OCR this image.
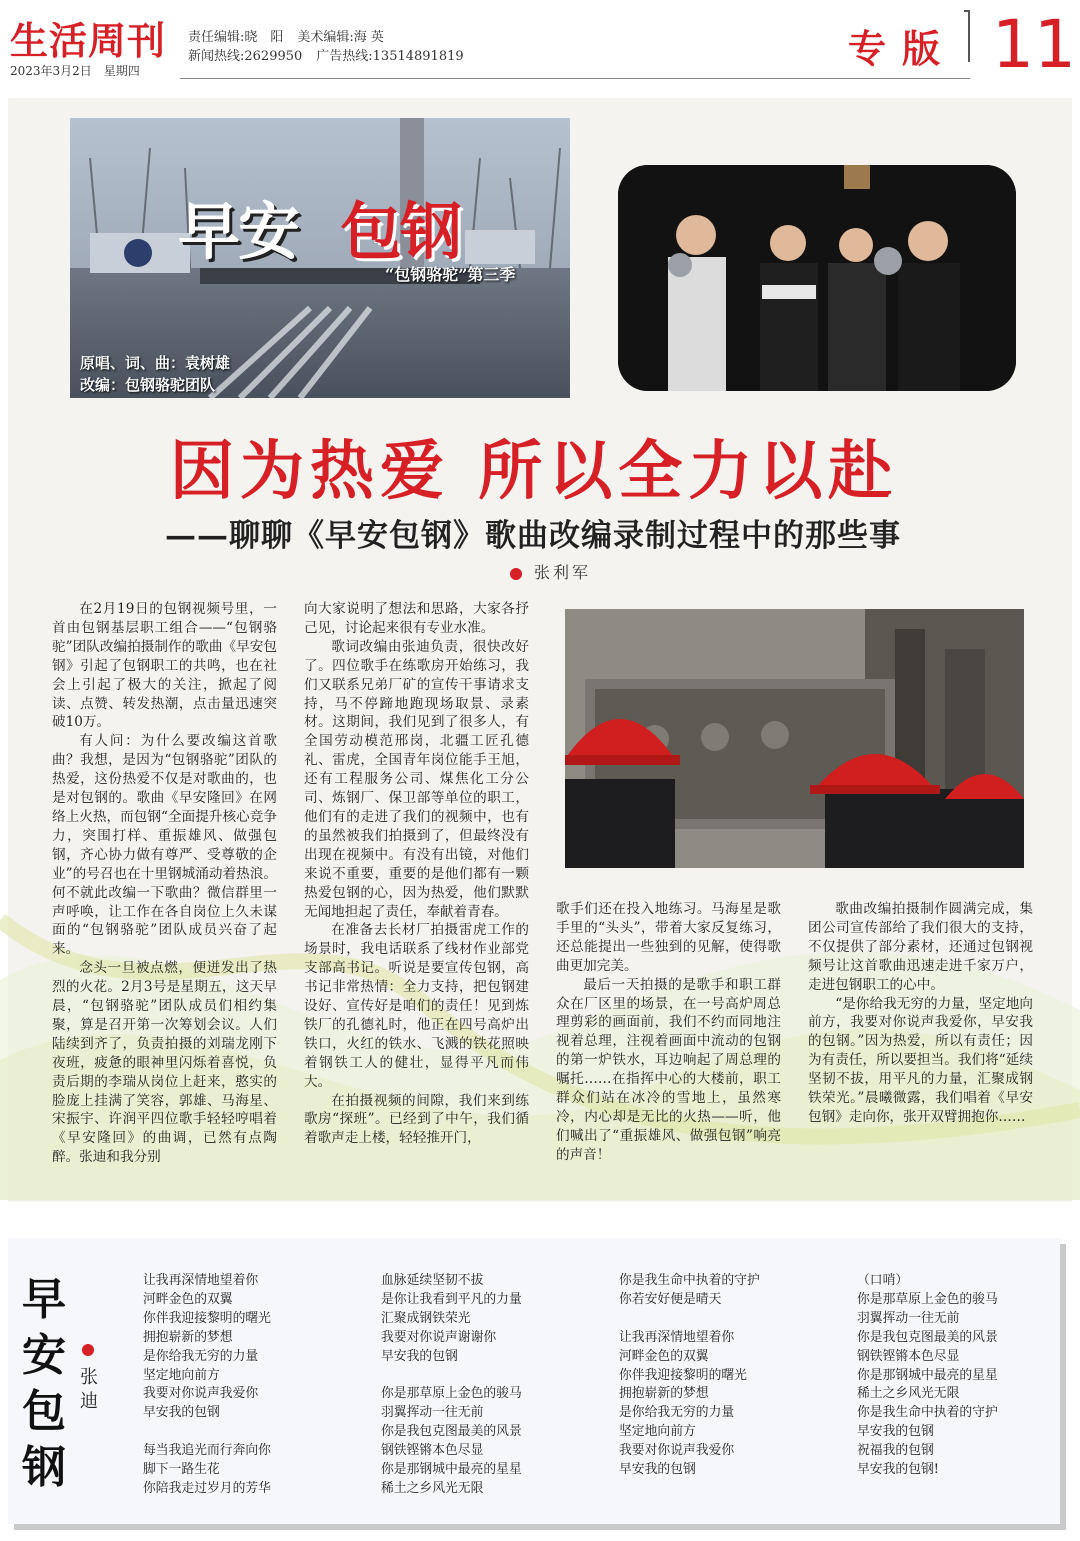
生活周刊
2023年3月2日　星期四
责任编辑:晓　阳 美术编辑:海 英
新闻热线:2629950 广告热线:13514891819	专版 11
早安 包钢
“包钢骆驼”第三季
原唱、词、曲：袁树雄
改编：包钢骆驼团队
因为热爱 所以全力以赴
——聊聊《早安包钢》歌曲改编录制过程中的那些事
张利军

在2月19日的包钢视频号里，一首由包钢基层职工组合——“包钢骆驼”团队改编拍摄制作的歌曲《早安包钢》引起了包钢职工的共鸣，也在社会上引起了极大的关注，掀起了阅读、点赞、转发热潮，点击量迅速突破10万。

有人问：为什么要改编这首歌曲？我想，是因为“包钢骆驼”团队的热爱，这份热爱不仅是对歌曲的，也是对包钢的。歌曲《早安隆回》在网络上火热，而包钢“全面提升核心竞争力，突围打样、重振雄风、做强包钢，齐心协力做有尊严、受尊敬的企业”的号召也在十里钢城涌动着热浪。何不就此改编一下歌曲？微信群里一声呼唤，让工作在各自岗位上久未谋面的“包钢骆驼”团队成员兴奋了起来。

念头一旦被点燃，便迸发出了热烈的火花。2月3号是星期五，这天早晨，“包钢骆驼”团队成员们相约集聚，算是召开第一次筹划会议。人们陆续到齐了，负责拍摄的刘瑞龙刚下夜班，疲惫的眼神里闪烁着喜悦，负责后期的李瑞从岗位上赶来，憨实的脸庞上挂满了笑容，郭雄、马海星、宋振宇、许润平四位歌手轻轻哼唱着《早安隆回》的曲调，已然有点陶醉。张迪和我分别

向大家说明了想法和思路，大家各抒己见，讨论起来很有专业水准。

歌词改编由张迪负责，很快改好了。四位歌手在练歌房开始练习，我们又联系兄弟厂矿的宣传干事请求支持，马不停蹄地跑现场取景、录素材。这期间，我们见到了很多人，有全国劳动模范邢岗，北疆工匠孔德礼、雷虎，全国青年岗位能手王旭，还有工程服务公司、煤焦化工分公司、炼钢厂、保卫部等单位的职工，他们有的走进了我们的视频中，也有的虽然被我们拍摄到了，但最终没有出现在视频中。有没有出镜，对他们来说不重要，重要的是他们都有一颗热爱包钢的心，因为热爱，他们默默无闻地担起了责任，奉献着青春。

在准备去长材厂拍摄雷虎工作的场景时，我电话联系了线材作业部党支部高书记。听说是要宣传包钢，高书记非常热情：全力支持，把包钢建设好、宣传好是咱们的责任！见到炼铁厂的孔德礼时，他正在四号高炉出铁口，火红的铁水、飞溅的铁花照映着钢铁工人的健壮，显得平凡而伟大。

在拍摄视频的间隙，我们来到练歌房“探班”。已经到了中午，我们循着歌声走上楼，轻轻推开门，

歌手们还在投入地练习。马海星是歌手里的“头头”，带着大家反复练习，还总能提出一些独到的见解，使得歌曲更加完美。

最后一天拍摄的是歌手和职工群众在厂区里的场景，在一号高炉周总理剪彩的画面前，我们不约而同地注视着总理，注视着画面中流动的包钢的第一炉铁水，耳边响起了周总理的嘱托……在指挥中心的大楼前，职工群众们站在冰冷的雪地上，虽然寒冷，内心却是无比的火热——听，他们喊出了“重振雄风、做强包钢”响亮的声音！

歌曲改编拍摄制作圆满完成，集团公司宣传部给了我们很大的支持，不仅提供了部分素材，还通过包钢视频号让这首歌曲迅速走进千家万户，走进包钢职工的心中。

“是你给我无穷的力量，坚定地向前方，我要对你说声我爱你，早安我的包钢。”因为热爱，所以有责任；因为有责任，所以要担当。我们将“延续坚韧不拔，用平凡的力量，汇聚成钢铁荣光。”晨曦微露，我们唱着《早安包钢》走向你，张开双臂拥抱你……

早安包钢
张迪
让我再深情地望着你
河畔金色的双翼
你伴我迎接黎明的曙光
拥抱崭新的梦想
是你给我无穷的力量
坚定地向前方
我要对你说声我爱你
早安我的包钢

每当我追光而行奔向你
脚下一路生花
你陪我走过岁月的芳华
血脉延续坚韧不拔
是你让我看到平凡的力量
汇聚成钢铁荣光
我要对你说声谢谢你
早安我的包钢

你是那草原上金色的骏马
羽翼挥动一往无前
你是我包克图最美的风景
钢铁铿锵本色尽显
你是那钢城中最亮的星星
稀土之乡风光无限
你是我生命中执着的守护
你若安好便是晴天

让我再深情地望着你
河畔金色的双翼
你伴我迎接黎明的曙光
拥抱崭新的梦想
是你给我无穷的力量
坚定地向前方
我要对你说声我爱你
早安我的包钢
（口哨）
你是那草原上金色的骏马
羽翼挥动一往无前
你是我包克图最美的风景
钢铁铿锵本色尽显
你是那钢城中最亮的星星
稀土之乡风光无限
你是我生命中执着的守护
早安我的包钢
祝福我的包钢
早安我的包钢!
